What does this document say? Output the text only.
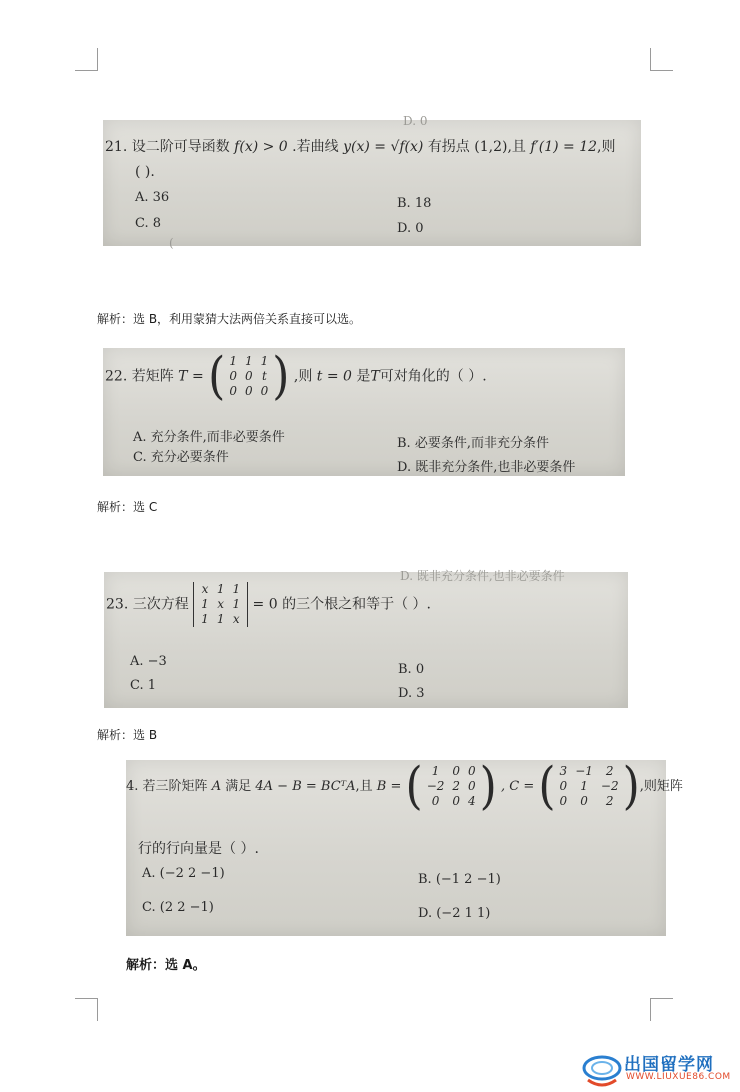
D. 0
21. 设二阶可导函数 f(x) > 0 .若曲线 y(x) = √f(x) 有拐点 (1,2),且 f′(1) = 12,则
( ).
A. 36	B. 18
C. 8	D. 0
(
解析：选 B，利用蒙猜大法两倍关系直接可以选。
22. 若矩阵 T = ( 1	1	1
0	0	t
0	0	0 ) ,则 t = 0 是T可对角化的（ ）.
A. 充分条件,而非必要条件	B. 必要条件,而非充分条件
C. 充分必要条件
D. 既非充分条件,也非必要条件
解析：选 C
D. 既非充分条件,也非必要条件
23. 三次方程
x	1	1
1	x	1
1	1	x
= 0 的三个根之和等于（ ）.
A. −3
B. 0
C. 1
D. 3
解析：选 B
4. 若三阶矩阵 A 满足 4A − B = BCᵀA,且 B = ( 1	0	0
−2	2	0
0	0	4 ) , C = ( 3	−1	2
0	1	−2
0	0	2 ) ,则矩阵
行的行向量是（ ）.
A. (−2 2 −1)	B. (−1 2 −1)
C. (2 2 −1)	D. (−2 1 1)
解析：选 A。
出国留学网
WWW.LIUXUE86.COM
